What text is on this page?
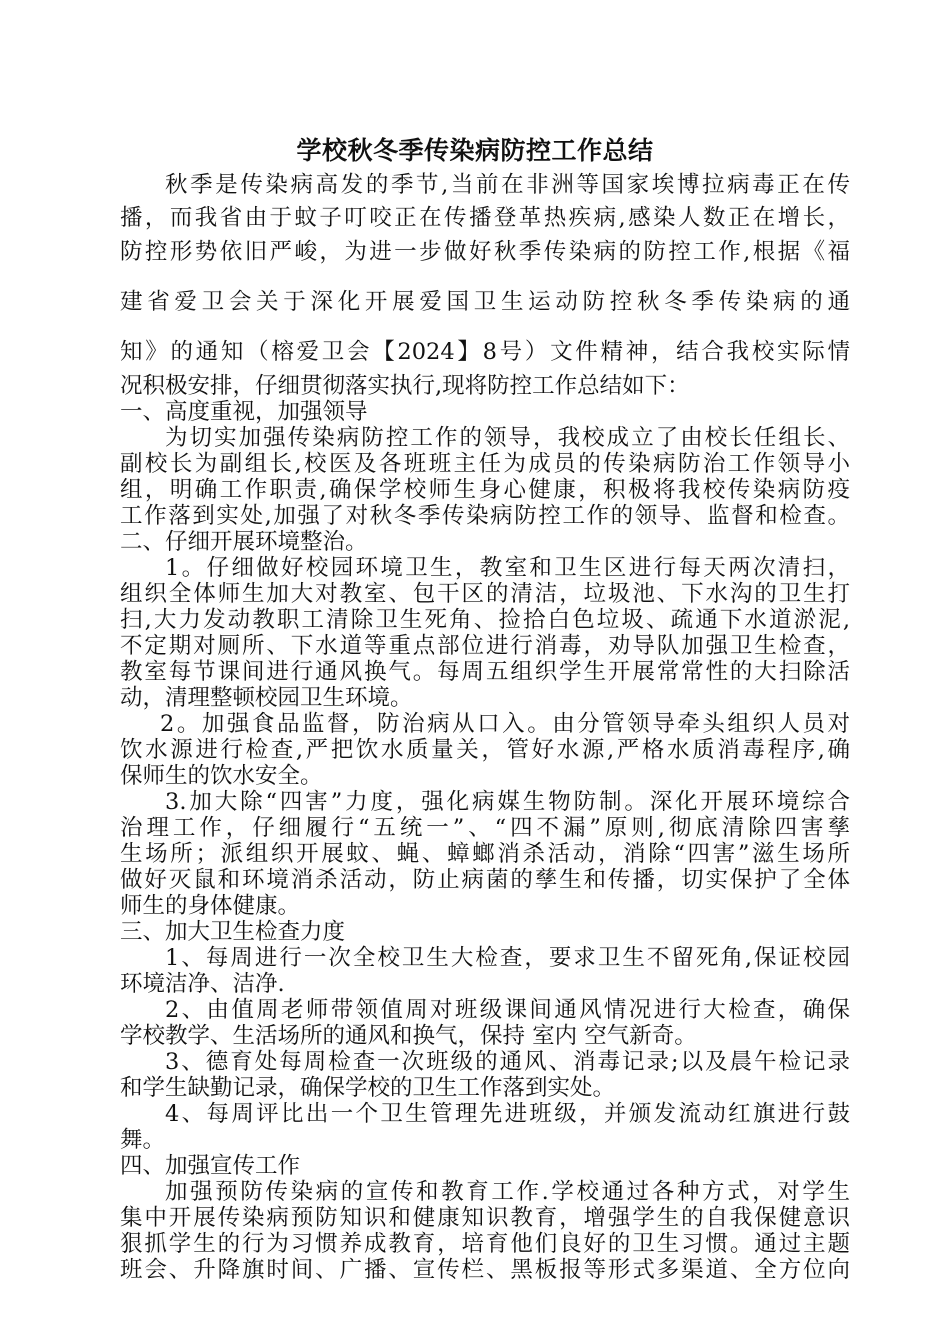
学校秋冬季传染病防控工作总结

秋季是传染病高发的季节,当前在非洲等国家埃博拉病毒正在传

播，而我省由于蚊子叮咬正在传播登革热疾病,感染人数正在增长，

防控形势依旧严峻，为进一步做好秋季传染病的防控工作,根据《福

建省爱卫会关于深化开展爱国卫生运动防控秋冬季传染病的通

知》的通知（榕爱卫会【2024】8号）文件精神，结合我校实际情

况积极安排，仔细贯彻落实执行,现将防控工作总结如下：

一、高度重视，加强领导

为切实加强传染病防控工作的领导，我校成立了由校长任组长、

副校长为副组长,校医及各班班主任为成员的传染病防治工作领导小

组，明确工作职责,确保学校师生身心健康，积极将我校传染病防疫

工作落到实处,加强了对秋冬季传染病防控工作的领导、监督和检查。

二、仔细开展环境整治。

1。仔细做好校园环境卫生，教室和卫生区进行每天两次清扫，

组织全体师生加大对教室、包干区的清洁，垃圾池、下水沟的卫生打

扫,大力发动教职工清除卫生死角、捡拾白色垃圾、疏通下水道淤泥,

不定期对厕所、下水道等重点部位进行消毒，劝导队加强卫生检查，

教室每节课间进行通风换气。每周五组织学生开展常常性的大扫除活

动，清理整顿校园卫生环境。

2。加强食品监督，防治病从口入。由分管领导牵头组织人员对

饮水源进行检查,严把饮水质量关，管好水源,严格水质消毒程序,确

保师生的饮水安全。

3.加大除“四害”力度，强化病媒生物防制。深化开展环境综合

治理工作，仔细履行“五统一”、“四不漏”原则,彻底清除四害孳

生场所；派组织开展蚊、蝇、蟑螂消杀活动，消除“四害”滋生场所

做好灭鼠和环境消杀活动，防止病菌的孳生和传播，切实保护了全体

师生的身体健康。

三、加大卫生检查力度

1、每周进行一次全校卫生大检查，要求卫生不留死角,保证校园

环境洁净、洁净.

2、由值周老师带领值周对班级课间通风情况进行大检查，确保

学校教学、生活场所的通风和换气，保持 室内 空气新奇。

3、德育处每周检查一次班级的通风、消毒记录;以及晨午检记录

和学生缺勤记录，确保学校的卫生工作落到实处。

4、每周评比出一个卫生管理先进班级，并颁发流动红旗进行鼓

舞。

四、加强宣传工作

加强预防传染病的宣传和教育工作.学校通过各种方式，对学生

集中开展传染病预防知识和健康知识教育，增强学生的自我保健意识

狠抓学生的行为习惯养成教育，培育他们良好的卫生习惯。通过主题

班会、升降旗时间、广播、宣传栏、黑板报等形式多渠道、全方位向
